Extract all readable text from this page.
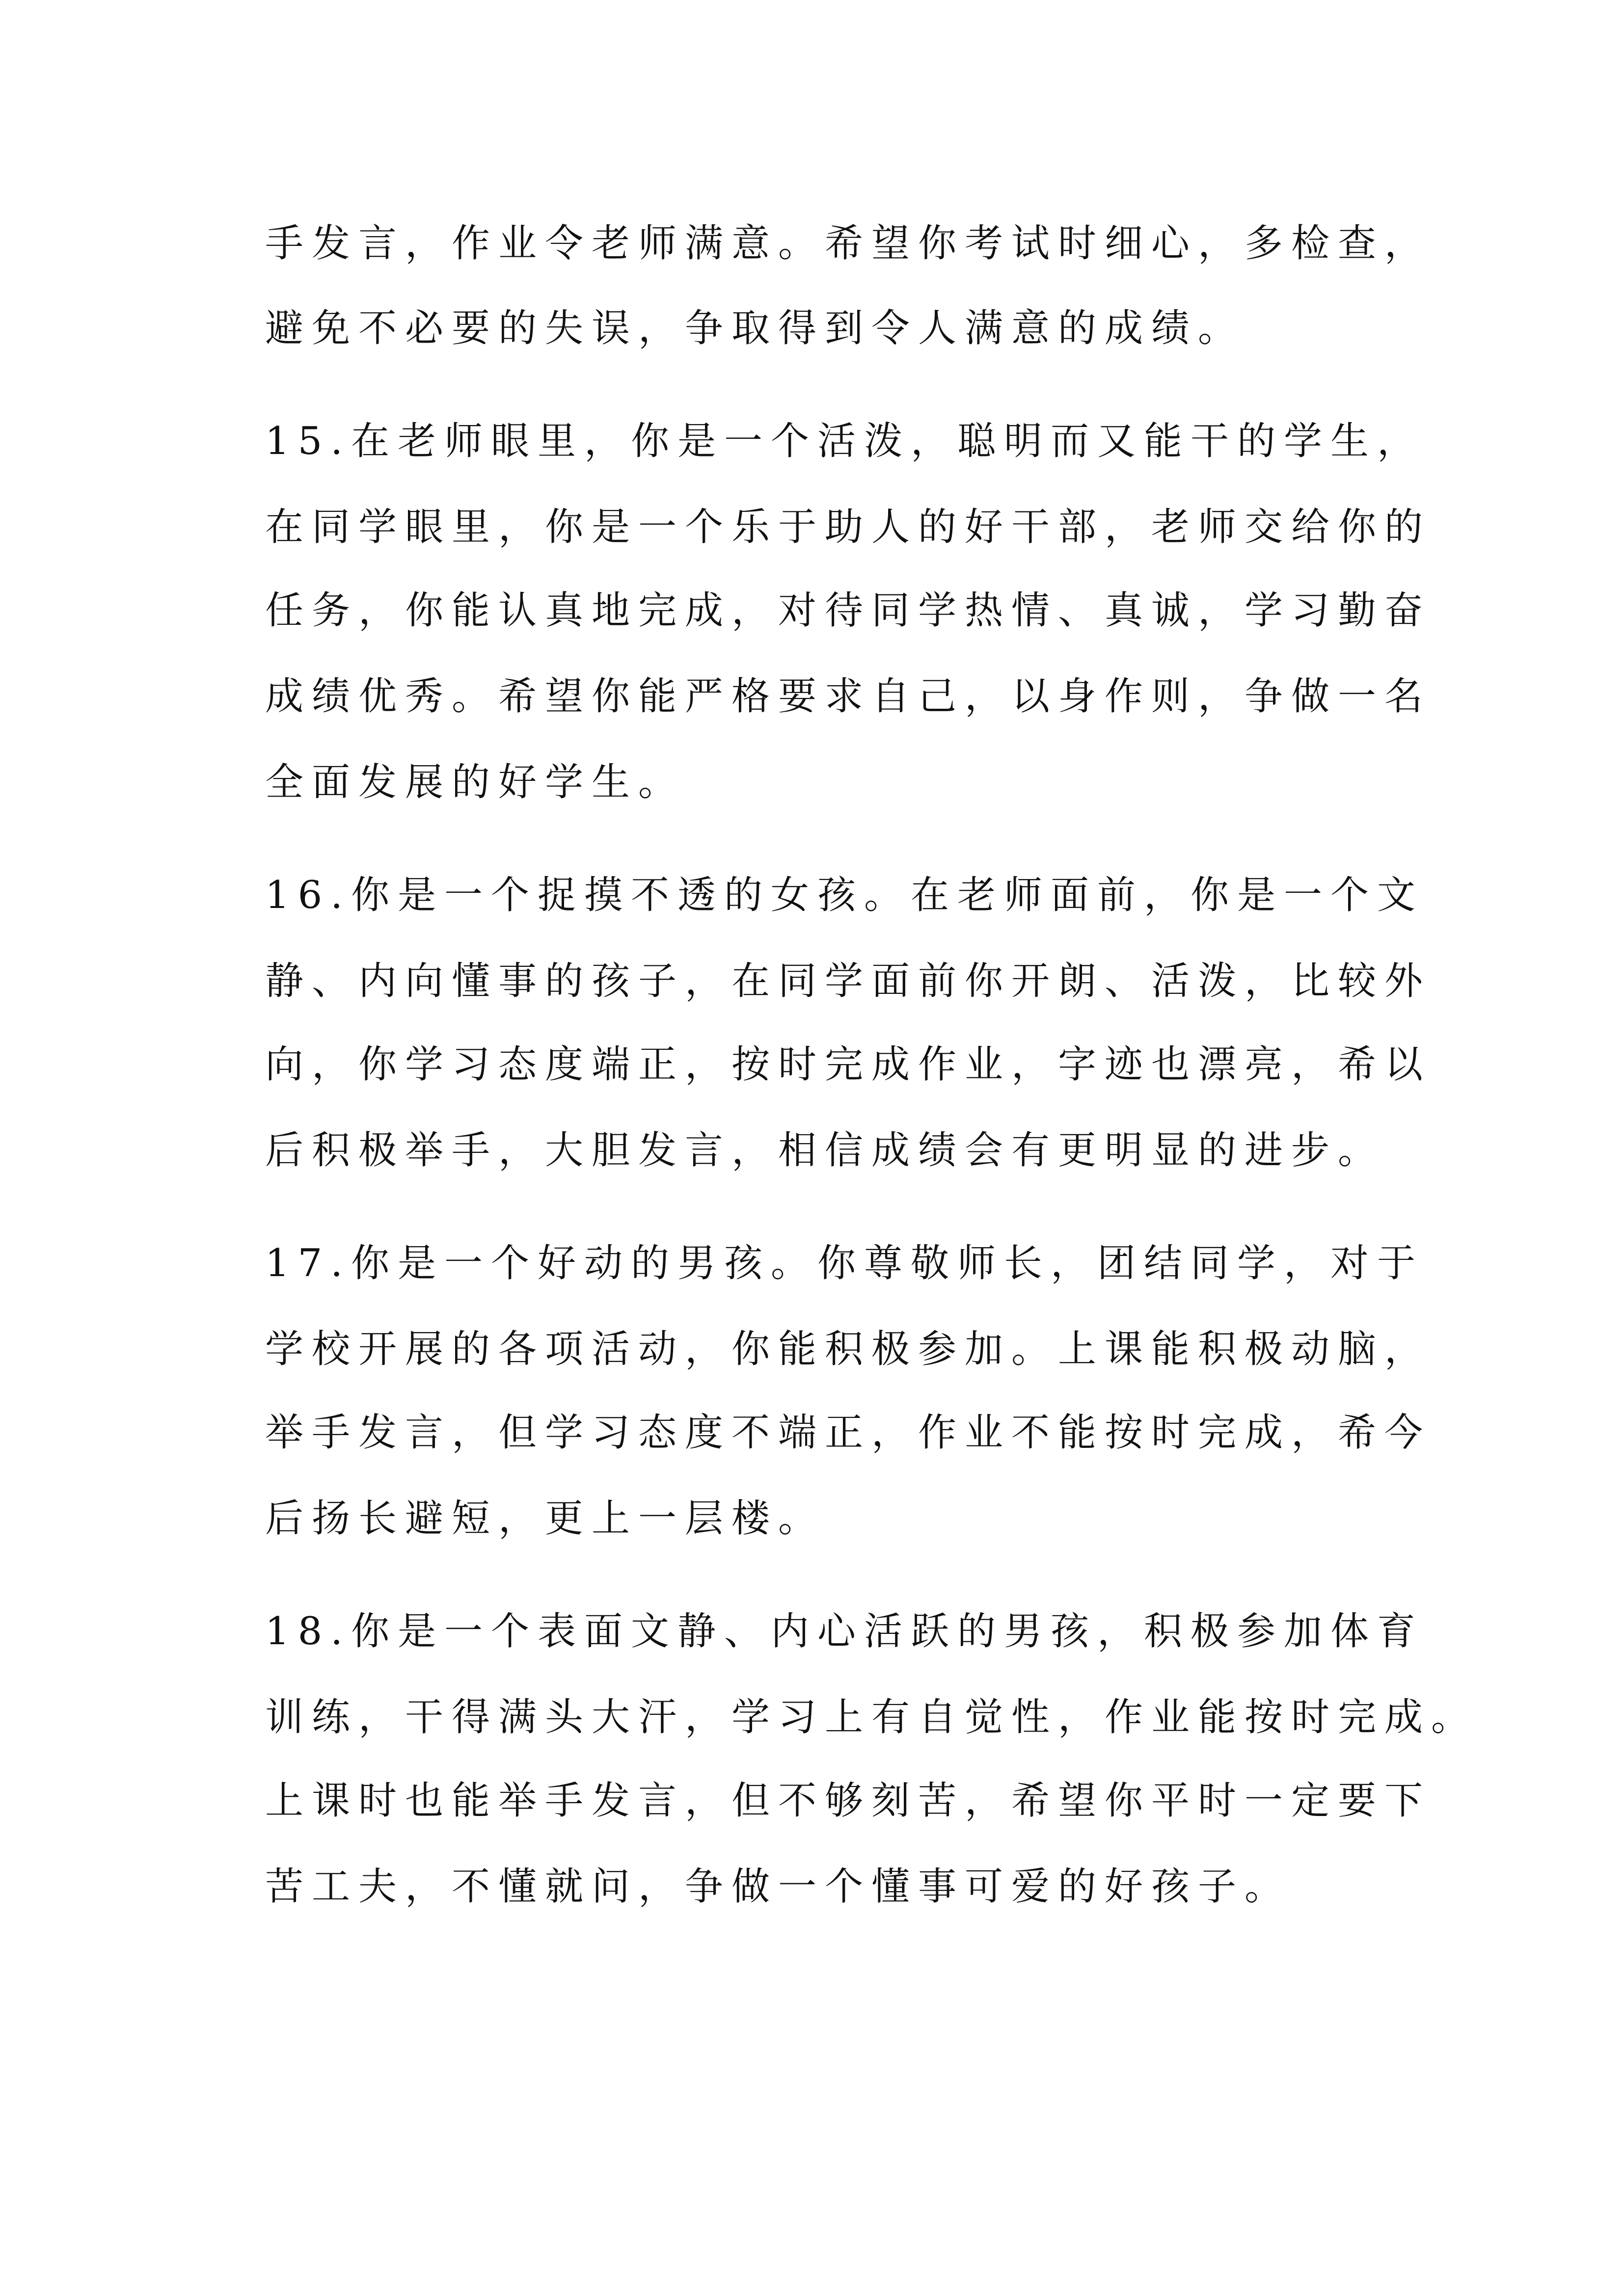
手发言，作业令老师满意。希望你考试时细心，多检查，
避免不必要的失误，争取得到令人满意的成绩。
15.在老师眼里，你是一个活泼，聪明而又能干的学生，
在同学眼里，你是一个乐于助人的好干部，老师交给你的
任务，你能认真地完成，对待同学热情、真诚，学习勤奋
成绩优秀。希望你能严格要求自己，以身作则，争做一名
全面发展的好学生。
16.你是一个捉摸不透的女孩。在老师面前，你是一个文
静、内向懂事的孩子，在同学面前你开朗、活泼，比较外
向，你学习态度端正，按时完成作业，字迹也漂亮，希以
后积极举手，大胆发言，相信成绩会有更明显的进步。
17.你是一个好动的男孩。你尊敬师长，团结同学，对于
学校开展的各项活动，你能积极参加。上课能积极动脑，
举手发言，但学习态度不端正，作业不能按时完成，希今
后扬长避短，更上一层楼。
18.你是一个表面文静、内心活跃的男孩，积极参加体育
训练，干得满头大汗，学习上有自觉性，作业能按时完成。
上课时也能举手发言，但不够刻苦，希望你平时一定要下
苦工夫，不懂就问，争做一个懂事可爱的好孩子。
